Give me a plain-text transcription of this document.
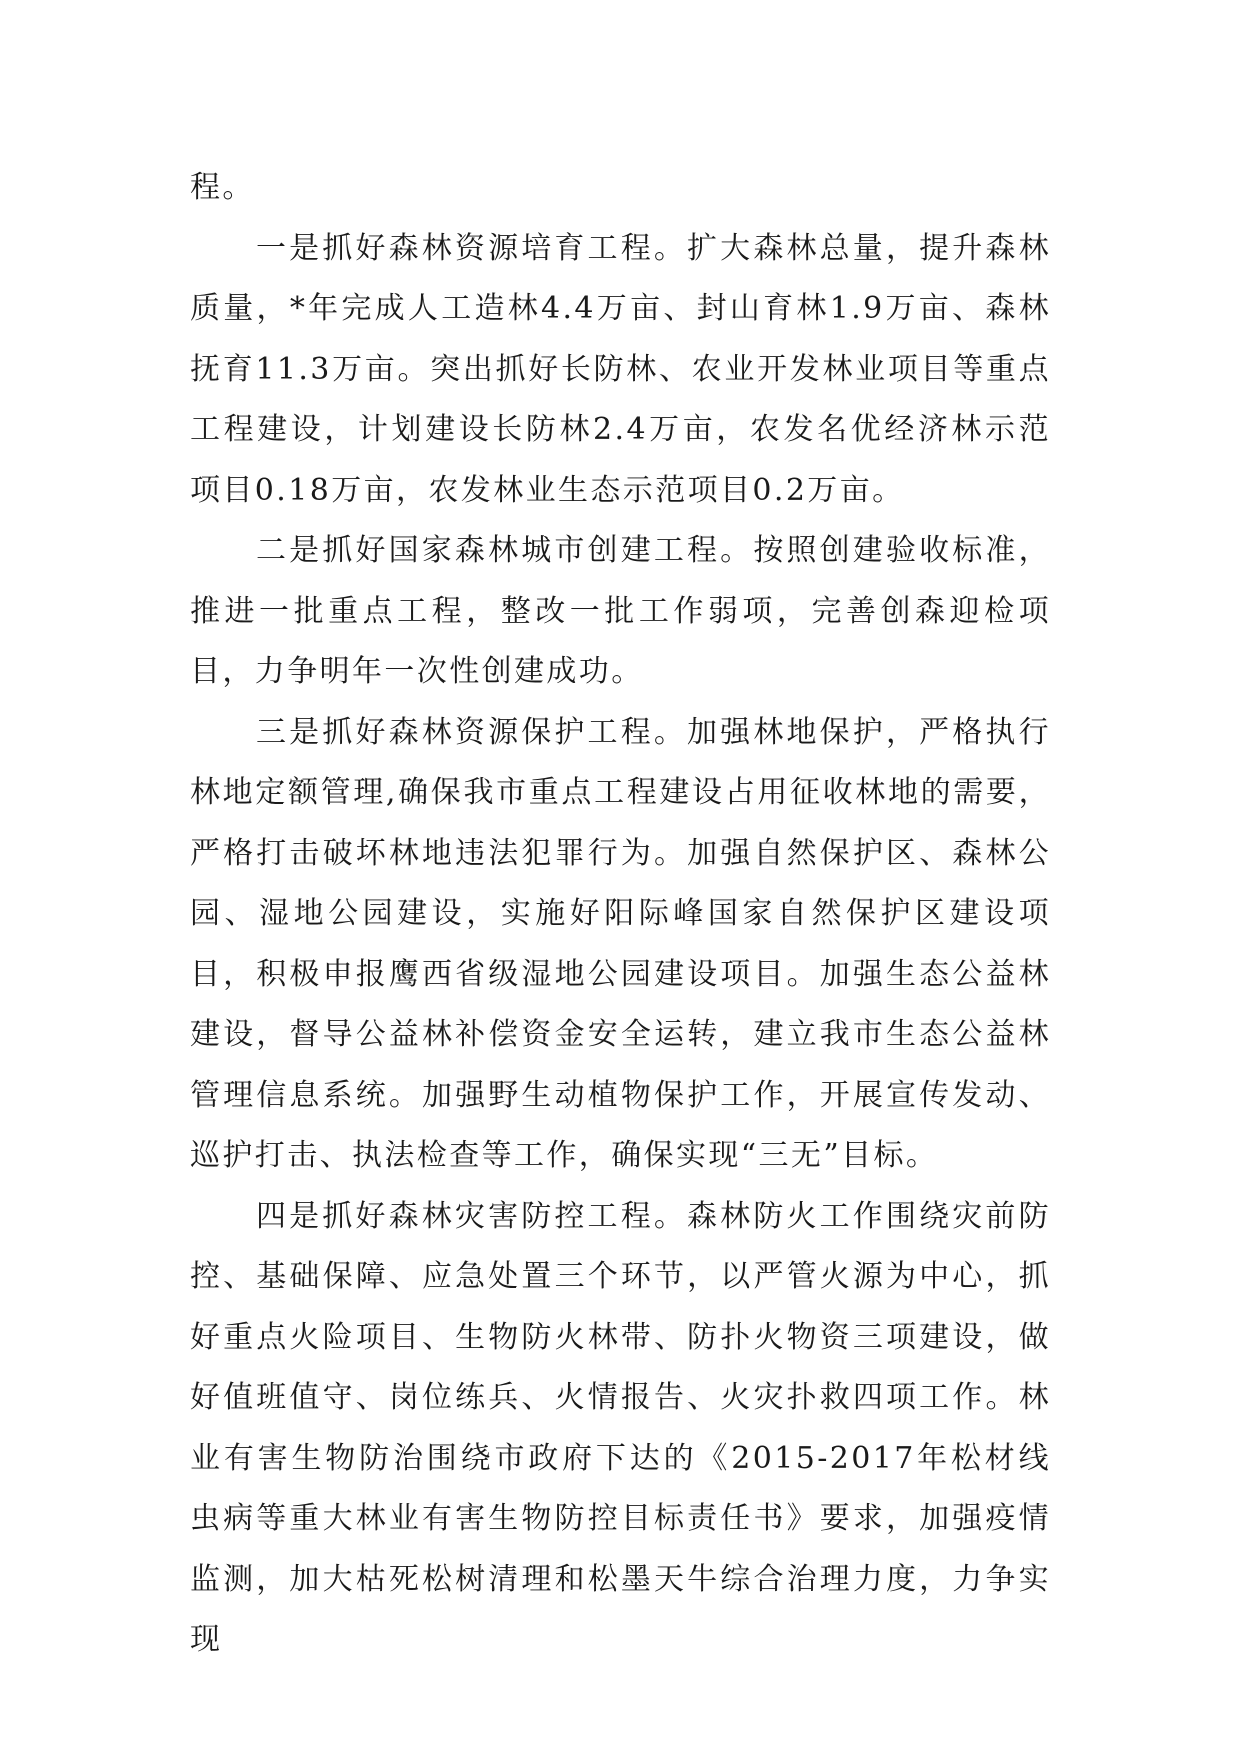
程。

一是抓好森林资源培育工程。扩大森林总量，提升森林质量，*年完成人工造林4.4万亩、封山育林1.9万亩、森林抚育11.3万亩。突出抓好长防林、农业开发林业项目等重点工程建设，计划建设长防林2.4万亩，农发名优经济林示范项目0.18万亩，农发林业生态示范项目0.2万亩。

二是抓好国家森林城市创建工程。按照创建验收标准，推进一批重点工程，整改一批工作弱项，完善创森迎检项目，力争明年一次性创建成功。

三是抓好森林资源保护工程。加强林地保护，严格执行林地定额管理,确保我市重点工程建设占用征收林地的需要，严格打击破坏林地违法犯罪行为。加强自然保护区、森林公园、湿地公园建设，实施好阳际峰国家自然保护区建设项目，积极申报鹰西省级湿地公园建设项目。加强生态公益林建设，督导公益林补偿资金安全运转，建立我市生态公益林管理信息系统。加强野生动植物保护工作，开展宣传发动、巡护打击、执法检查等工作，确保实现“三无”目标。

四是抓好森林灾害防控工程。森林防火工作围绕灾前防控、基础保障、应急处置三个环节，以严管火源为中心，抓好重点火险项目、生物防火林带、防扑火物资三项建设，做好值班值守、岗位练兵、火情报告、火灾扑救四项工作。林业有害生物防治围绕市政府下达的《2015-2017年松材线虫病等重大林业有害生物防控目标责任书》要求，加强疫情监测，加大枯死松树清理和松墨天牛综合治理力度，力争实现
